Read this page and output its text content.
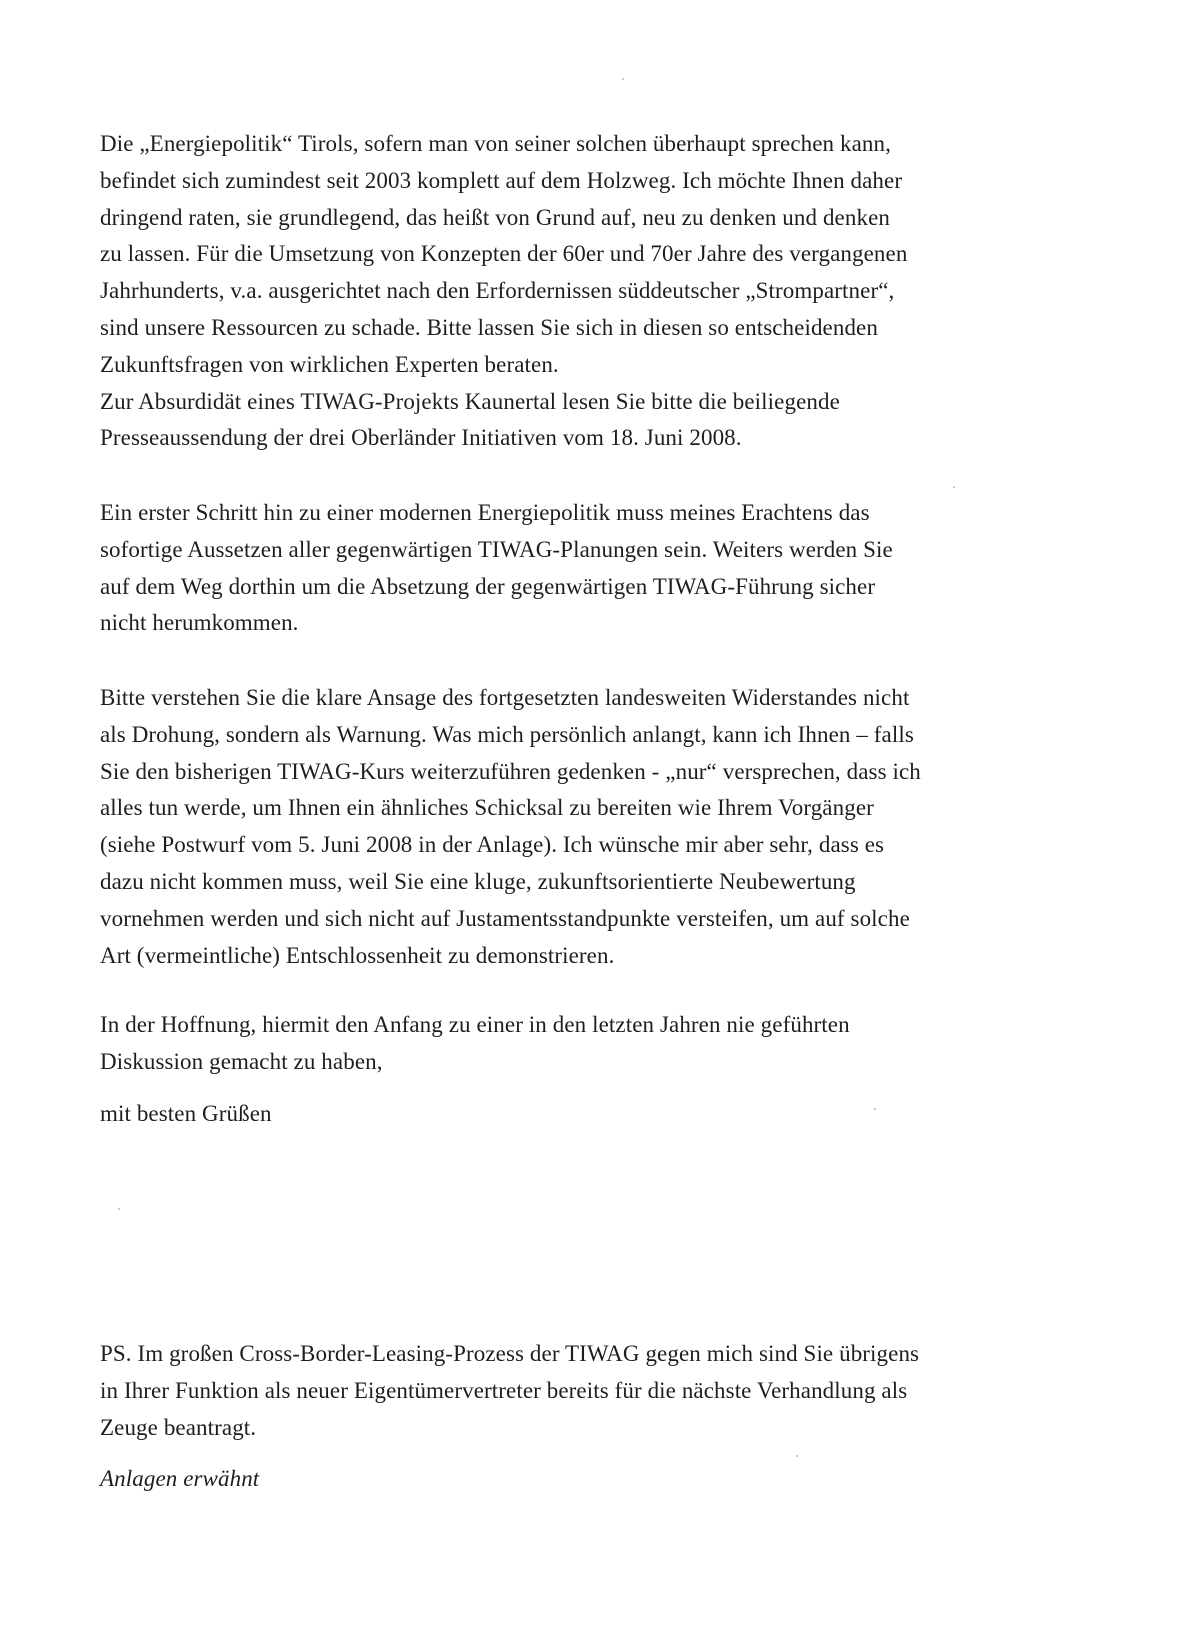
Die „Energiepolitik“ Tirols, sofern man von seiner solchen überhaupt sprechen kann,
befindet sich zumindest seit 2003 komplett auf dem Holzweg. Ich möchte Ihnen daher
dringend raten, sie grundlegend, das heißt von Grund auf, neu zu denken und denken
zu lassen. Für die Umsetzung von Konzepten der 60er und 70er Jahre des vergangenen
Jahrhunderts, v.a. ausgerichtet nach den Erfordernissen süddeutscher „Strompartner“,
sind unsere Ressourcen zu schade. Bitte lassen Sie sich in diesen so entscheidenden
Zukunftsfragen von wirklichen Experten beraten.
Zur Absurdidät eines TIWAG-Projekts Kaunertal lesen Sie bitte die beiliegende
Presseaussendung der drei Oberländer Initiativen vom 18. Juni 2008.
Ein erster Schritt hin zu einer modernen Energiepolitik muss meines Erachtens das
sofortige Aussetzen aller gegenwärtigen TIWAG-Planungen sein. Weiters werden Sie
auf dem Weg dorthin um die Absetzung der gegenwärtigen TIWAG-Führung sicher
nicht herumkommen.
Bitte verstehen Sie die klare Ansage des fortgesetzten landesweiten Widerstandes nicht
als Drohung, sondern als Warnung. Was mich persönlich anlangt, kann ich Ihnen – falls
Sie den bisherigen TIWAG-Kurs weiterzuführen gedenken - „nur“ versprechen, dass ich
alles tun werde, um Ihnen ein ähnliches Schicksal zu bereiten wie Ihrem Vorgänger
(siehe Postwurf vom 5. Juni 2008 in der Anlage). Ich wünsche mir aber sehr, dass es
dazu nicht kommen muss, weil Sie eine kluge, zukunftsorientierte Neubewertung
vornehmen werden und sich nicht auf Justamentsstandpunkte versteifen, um auf solche
Art (vermeintliche) Entschlossenheit zu demonstrieren.
In der Hoffnung, hiermit den Anfang zu einer in den letzten Jahren nie geführten
Diskussion gemacht zu haben,
mit besten Grüßen
PS. Im großen Cross-Border-Leasing-Prozess der TIWAG gegen mich sind Sie übrigens
in Ihrer Funktion als neuer Eigentümervertreter bereits für die nächste Verhandlung als
Zeuge beantragt.
Anlagen erwähnt
